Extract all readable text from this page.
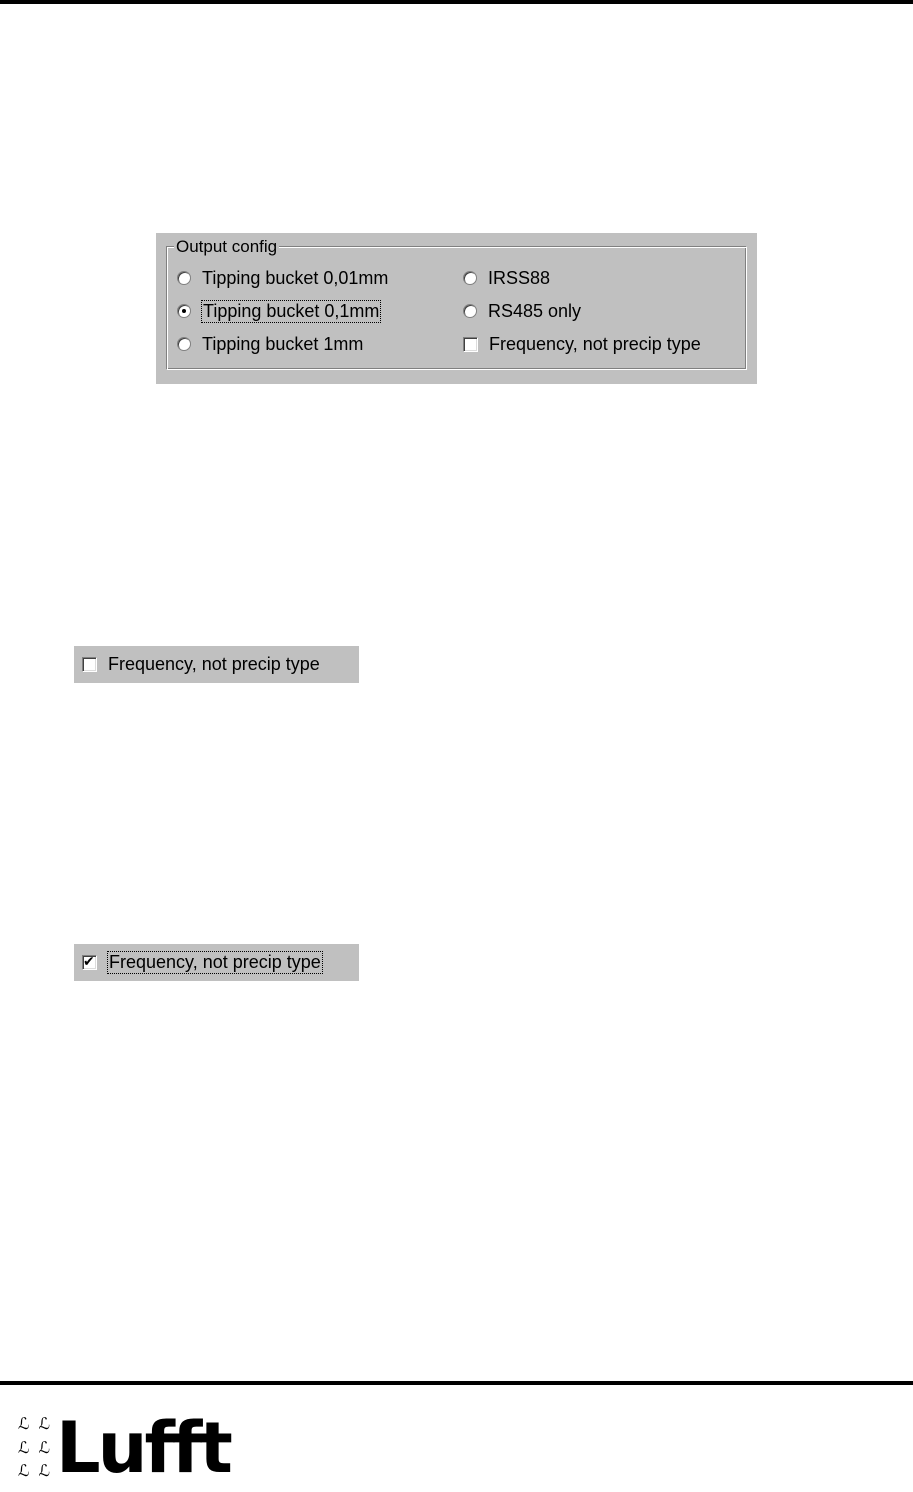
Output config
Tipping bucket 0,01mm
Tipping bucket 0,1mm
Tipping bucket 1mm
IRSS88
RS485 only
Frequency, not precip type
Frequency, not precip type
✔
Frequency, not precip type
ℒ ℒ
ℒ ℒ
ℒ ℒ Lufft
